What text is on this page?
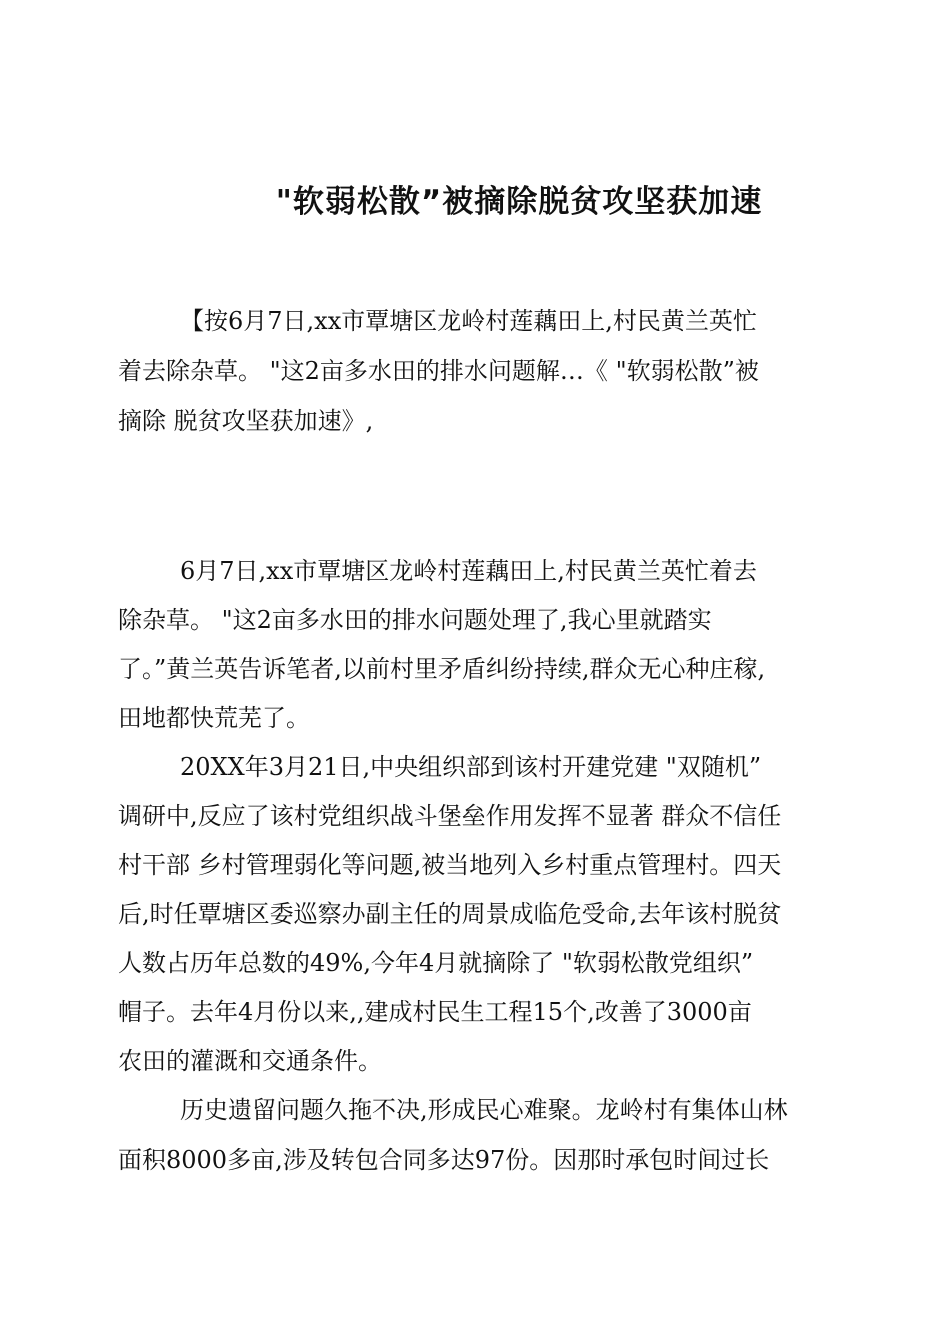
"软弱松散”被摘除脱贫攻坚获加速
【按6月7日,xx市覃塘区龙岭村莲藕田上,村民黄兰英忙
着去除杂草。 "这2亩多水田的排水问题解…《 "软弱松散”被
摘除 脱贫攻坚获加速》,
6月7日,xx市覃塘区龙岭村莲藕田上,村民黄兰英忙着去
除杂草。 "这2亩多水田的排水问题处理了,我心里就踏实
了。”黄兰英告诉笔者,以前村里矛盾纠纷持续,群众无心种庄稼,
田地都快荒芜了。
20XX年3月21日,中央组织部到该村开建党建 "双随机”
调研中,反应了该村党组织战斗堡垒作用发挥不显著 群众不信任
村干部 乡村管理弱化等问题,被当地列入乡村重点管理村。四天
后,时任覃塘区委巡察办副主任的周景成临危受命,去年该村脱贫
人数占历年总数的49%,今年4月就摘除了 "软弱松散党组织”
帽子。去年4月份以来,,建成村民生工程15个,改善了3000亩
农田的灌溉和交通条件。
历史遗留问题久拖不决,形成民心难聚。龙岭村有集体山林
面积8000多亩,涉及转包合同多达97份。因那时承包时间过长
